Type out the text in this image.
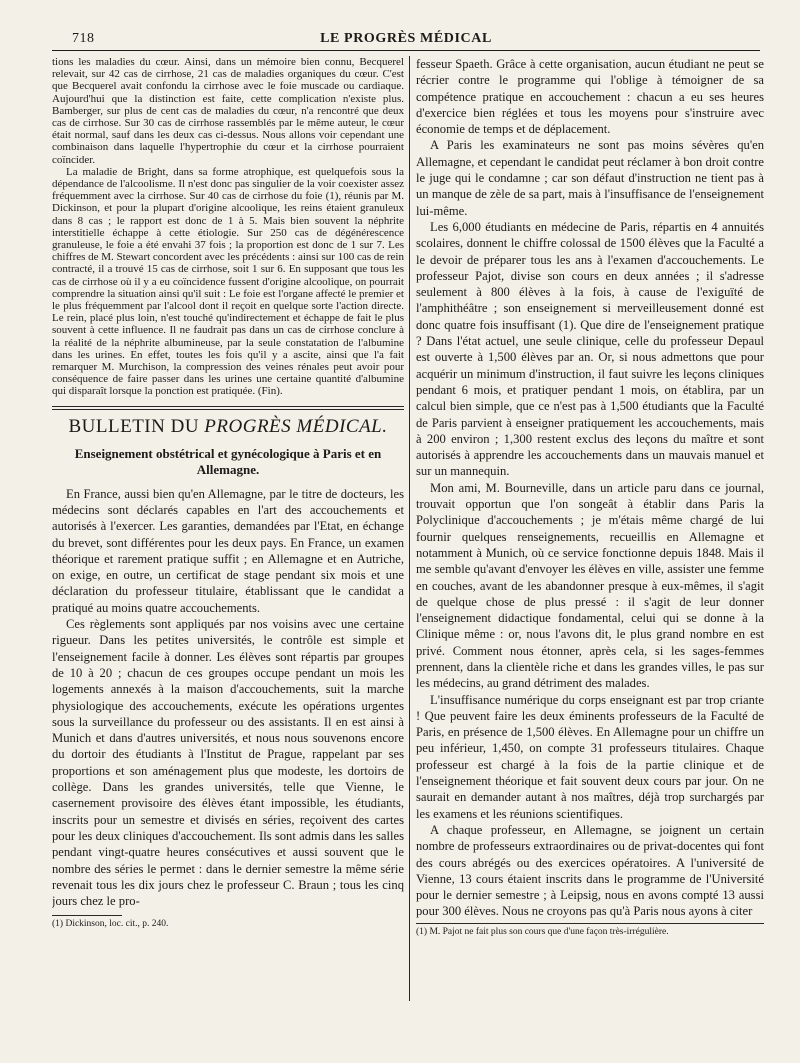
718	LE PROGRÈS MÉDICAL

tions les maladies du cœur. Ainsi, dans un mémoire bien connu, Becquerel relevait, sur 42 cas de cirrhose, 21 cas de maladies organiques du cœur. C'est que Becquerel avait confondu la cirrhose avec le foie muscade ou cardiaque. Aujourd'hui que la distinction est faite, cette complication n'existe plus. Bamberger, sur plus de cent cas de maladies du cœur, n'a rencontré que deux cas de cirrhose. Sur 30 cas de cirrhose rassemblés par le même auteur, le cœur était normal, sauf dans les deux cas ci-dessus. Nous allons voir cependant une combinaison dans laquelle l'hypertrophie du cœur et la cirrhose pourraient coïncider.

La maladie de Bright, dans sa forme atrophique, est quelquefois sous la dépendance de l'alcoolisme. Il n'est donc pas singulier de la voir coexister assez fréquemment avec la cirrhose. Sur 40 cas de cirrhose du foie (1), réunis par M. Dickinson, et pour la plupart d'origine alcoolique, les reins étaient granuleux dans 8 cas ; le rapport est donc de 1 à 5. Mais bien souvent la néphrite interstitielle échappe à cette étiologie. Sur 250 cas de dégénérescence granuleuse, le foie a été envahi 37 fois ; la proportion est donc de 1 sur 7. Les chiffres de M. Stewart concordent avec les précédents : ainsi sur 100 cas de rein contracté, il a trouvé 15 cas de cirrhose, soit 1 sur 6. En supposant que tous les cas de cirrhose où il y a eu coïncidence fussent d'origine alcoolique, on pourrait comprendre la situation ainsi qu'il suit : Le foie est l'organe affecté le premier et le plus fréquemment par l'alcool dont il reçoit en quelque sorte l'action directe. Le rein, placé plus loin, n'est touché qu'indirectement et échappe de fait le plus souvent à cette influence. Il ne faudrait pas dans un cas de cirrhose conclure à la réalité de la néphrite albumineuse, par la seule constatation de l'albumine dans les urines. En effet, toutes les fois qu'il y a ascite, ainsi que l'a fait remarquer M. Murchison, la compression des veines rénales peut avoir pour conséquence de faire passer dans les urines une certaine quantité d'albumine qui disparaît lorsque la ponction est pratiquée. (Fin).

BULLETIN DU PROGRÈS MÉDICAL.
Enseignement obstétrical et gynécologique à Paris et en Allemagne.

En France, aussi bien qu'en Allemagne, par le titre de docteurs, les médecins sont déclarés capables en l'art des accouchements et autorisés à l'exercer. Les garanties, demandées par l'Etat, en échange du brevet, sont différentes pour les deux pays. En France, un examen théorique et rarement pratique suffit ; en Allemagne et en Autriche, on exige, en outre, un certificat de stage pendant six mois et une déclaration du professeur titulaire, établissant que le candidat a pratiqué au moins quatre accouchements.

Ces règlements sont appliqués par nos voisins avec une certaine rigueur. Dans les petites universités, le contrôle est simple et l'enseignement facile à donner. Les élèves sont répartis par groupes de 10 à 20 ; chacun de ces groupes occupe pendant un mois les logements annexés à la maison d'accouchements, suit la marche physiologique des accouchements, exécute les opérations urgentes sous la surveillance du professeur ou des assistants. Il en est ainsi à Munich et dans d'autres universités, et nous nous souvenons encore du dortoir des étudiants à l'Institut de Prague, rappelant par ses proportions et son aménagement plus que modeste, les dortoirs de collège. Dans les grandes universités, telle que Vienne, le casernement provisoire des élèves étant impossible, les étudiants, inscrits pour un semestre et divisés en séries, reçoivent des cartes pour les deux cliniques d'accouchement. Ils sont admis dans les salles pendant vingt-quatre heures consécutives et aussi souvent que le nombre des séries le permet : dans le dernier semestre la même série revenait tous les dix jours chez le professeur C. Braun ; tous les cinq jours chez le pro-

(1) Dickinson, loc. cit., p. 240.

fesseur Spaeth. Grâce à cette organisation, aucun étudiant ne peut se récrier contre le programme qui l'oblige à témoigner de sa compétence pratique en accouchement : chacun a eu ses heures d'exercice bien réglées et tous les moyens pour s'instruire avec économie de temps et de déplacement.

A Paris les examinateurs ne sont pas moins sévères qu'en Allemagne, et cependant le candidat peut réclamer à bon droit contre le juge qui le condamne ; car son défaut d'instruction ne tient pas à un manque de zèle de sa part, mais à l'insuffisance de l'enseignement lui-même.

Les 6,000 étudiants en médecine de Paris, répartis en 4 annuités scolaires, donnent le chiffre colossal de 1500 élèves que la Faculté a le devoir de préparer tous les ans à l'examen d'accouchements. Le professeur Pajot, divise son cours en deux années ; il s'adresse seulement à 800 élèves à la fois, à cause de l'exiguïté de l'amphithéâtre ; son enseignement si merveilleusement donné est donc quatre fois insuffisant (1). Que dire de l'enseignement pratique ? Dans l'état actuel, une seule clinique, celle du professeur Depaul est ouverte à 1,500 élèves par an. Or, si nous admettons que pour acquérir un minimum d'instruction, il faut suivre les leçons cliniques pendant 6 mois, et pratiquer pendant 1 mois, on établira, par un calcul bien simple, que ce n'est pas à 1,500 étudiants que la Faculté de Paris parvient à enseigner pratiquement les accouchements, mais à 200 environ ; 1,300 restent exclus des leçons du maître et sont autorisés à apprendre les accouchements dans un mauvais manuel et sur un mannequin.

Mon ami, M. Bourneville, dans un article paru dans ce journal, trouvait opportun que l'on songeât à établir dans Paris la Polyclinique d'accouchements ; je m'étais même chargé de lui fournir quelques renseignements, recueillis en Allemagne et notamment à Munich, où ce service fonctionne depuis 1848. Mais il me semble qu'avant d'envoyer les élèves en ville, assister une femme en couches, avant de les abandonner presque à eux-mêmes, il s'agit de quelque chose de plus pressé : il s'agit de leur donner l'enseignement didactique fondamental, celui qui se donne à la Clinique même : or, nous l'avons dit, le plus grand nombre en est privé. Comment nous étonner, après cela, si les sages-femmes prennent, dans la clientèle riche et dans les grandes villes, le pas sur les médecins, au grand détriment des malades.

L'insuffisance numérique du corps enseignant est par trop criante ! Que peuvent faire les deux éminents professeurs de la Faculté de Paris, en présence de 1,500 élèves. En Allemagne pour un chiffre un peu inférieur, 1,450, on compte 31 professeurs titulaires. Chaque professeur est chargé à la fois de la partie clinique et de l'enseignement théorique et fait souvent deux cours par jour. On ne saurait en demander autant à nos maîtres, déjà trop surchargés par les examens et les réunions scientifiques.

A chaque professeur, en Allemagne, se joignent un certain nombre de professeurs extraordinaires ou de privat-docentes qui font des cours abrégés ou des exercices opératoires. A l'université de Vienne, 13 cours étaient inscrits dans le programme de l'Université pour le dernier semestre ; à Leipsig, nous en avons compté 13 aussi pour 300 élèves. Nous ne croyons pas qu'à Paris nous ayons à citer

(1) M. Pajot ne fait plus son cours que d'une façon très-irrégulière.
